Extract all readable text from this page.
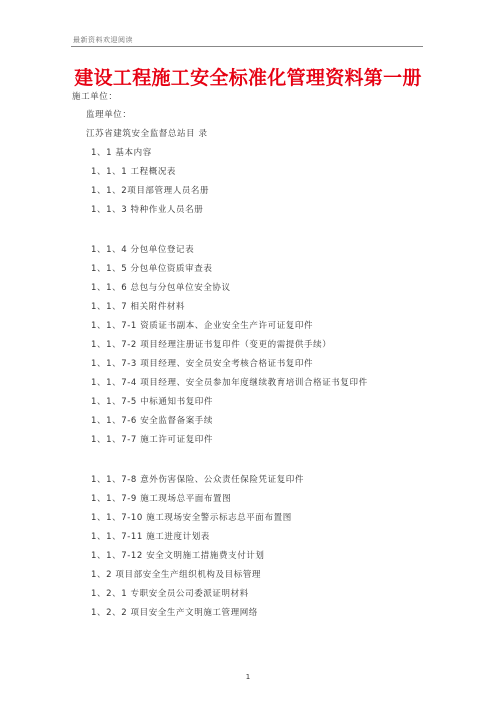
最新资料欢迎阅读
建设工程施工安全标准化管理资料第一册
施工单位：
监理单位：
江苏省建筑安全监督总站目 录
1、1 基本内容
1、1、1 工程概况表
1、1、2项目部管理人员名册
1、1、3 特种作业人员名册
1、1、4 分包单位登记表
1、1、5 分包单位资质审查表
1、1、6 总包与分包单位安全协议
1、1、7 相关附件材料
1、1、7-1 资质证书副本、企业安全生产许可证复印件
1、1、7-2 项目经理注册证书复印件（变更的需提供手续）
1、1、7-3 项目经理、安全员安全考核合格证书复印件
1、1、7-4 项目经理、安全员参加年度继续教育培训合格证书复印件
1、1、7-5 中标通知书复印件
1、1、7-6 安全监督备案手续
1、1、7-7 施工许可证复印件
1、1、7-8 意外伤害保险、公众责任保险凭证复印件
1、1、7-9 施工现场总平面布置图
1、1、7-10 施工现场安全警示标志总平面布置图
1、1、7-11 施工进度计划表
1、1、7-12 安全文明施工措施费支付计划
1、2 项目部安全生产组织机构及目标管理
1、2、1 专职安全员公司委派证明材料
1、2、2 项目安全生产文明施工管理网络
1
